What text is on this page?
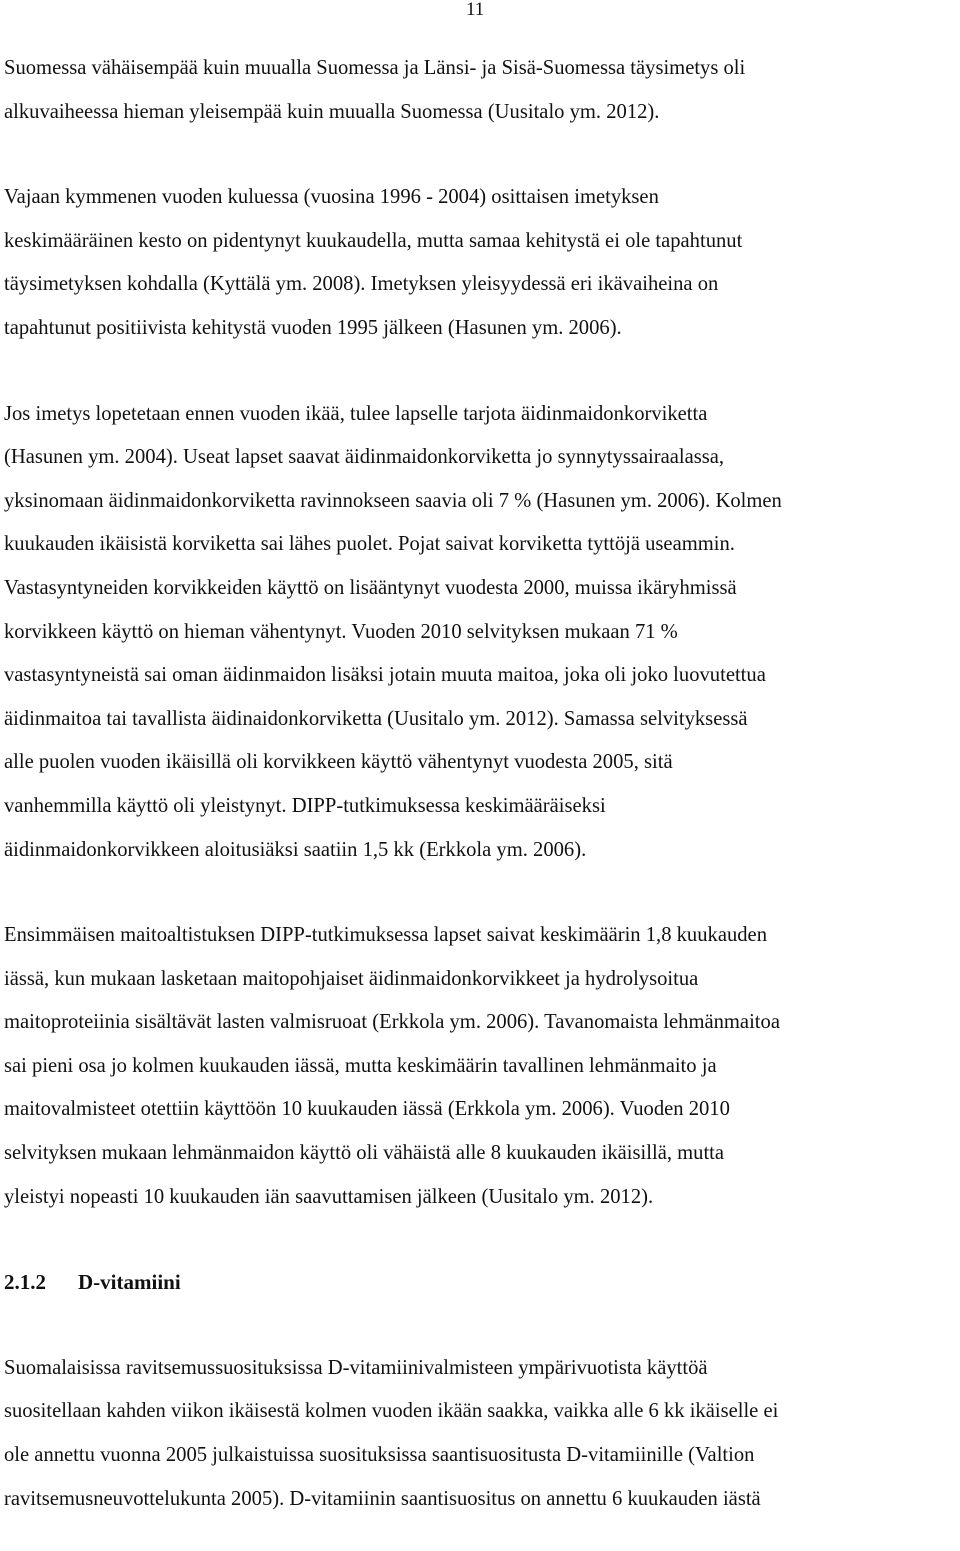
11

Suomessa vähäisempää kuin muualla Suomessa ja Länsi- ja Sisä-Suomessa täysimetys oli
alkuvaiheessa hieman yleisempää kuin muualla Suomessa (Uusitalo ym. 2012).

Vajaan kymmenen vuoden kuluessa (vuosina 1996 - 2004) osittaisen imetyksen
keskimääräinen kesto on pidentynyt kuukaudella, mutta samaa kehitystä ei ole tapahtunut
täysimetyksen kohdalla (Kyttälä ym. 2008). Imetyksen yleisyydessä eri ikävaiheina on
tapahtunut positiivista kehitystä vuoden 1995 jälkeen (Hasunen ym. 2006).

Jos imetys lopetetaan ennen vuoden ikää, tulee lapselle tarjota äidinmaidonkorviketta
(Hasunen ym. 2004). Useat lapset saavat äidinmaidonkorviketta jo synnytyssairaalassa,
yksinomaan äidinmaidonkorviketta ravinnokseen saavia oli 7 % (Hasunen ym. 2006). Kolmen
kuukauden ikäisistä korviketta sai lähes puolet. Pojat saivat korviketta tyttöjä useammin.
Vastasyntyneiden korvikkeiden käyttö on lisääntynyt vuodesta 2000, muissa ikäryhmissä
korvikkeen käyttö on hieman vähentynyt. Vuoden 2010 selvityksen mukaan 71 %
vastasyntyneistä sai oman äidinmaidon lisäksi jotain muuta maitoa, joka oli joko luovutettua
äidinmaitoa tai tavallista äidinaidonkorviketta (Uusitalo ym. 2012). Samassa selvityksessä
alle puolen vuoden ikäisillä oli korvikkeen käyttö vähentynyt vuodesta 2005, sitä
vanhemmilla käyttö oli yleistynyt. DIPP-tutkimuksessa keskimääräiseksi
äidinmaidonkorvikkeen aloitusiäksi saatiin 1,5 kk (Erkkola ym. 2006).

Ensimmäisen maitoaltistuksen DIPP-tutkimuksessa lapset saivat keskimäärin 1,8 kuukauden
iässä, kun mukaan lasketaan maitopohjaiset äidinmaidonkorvikkeet ja hydrolysoitua
maitoproteiinia sisältävät lasten valmisruoat (Erkkola ym. 2006). Tavanomaista lehmänmaitoa
sai pieni osa jo kolmen kuukauden iässä, mutta keskimäärin tavallinen lehmänmaito ja
maitovalmisteet otettiin käyttöön 10 kuukauden iässä (Erkkola ym. 2006). Vuoden 2010
selvityksen mukaan lehmänmaidon käyttö oli vähäistä alle 8 kuukauden ikäisillä, mutta
yleistyi nopeasti 10 kuukauden iän saavuttamisen jälkeen (Uusitalo ym. 2012).

2.1.2 D-vitamiini

Suomalaisissa ravitsemussuosituksissa D-vitamiinivalmisteen ympärivuotista käyttöä
suositellaan kahden viikon ikäisestä kolmen vuoden ikään saakka, vaikka alle 6 kk ikäiselle ei
ole annettu vuonna 2005 julkaistuissa suosituksissa saantisuositusta D-vitamiinille (Valtion
ravitsemusneuvottelukunta 2005). D-vitamiinin saantisuositus on annettu 6 kuukauden iästä
